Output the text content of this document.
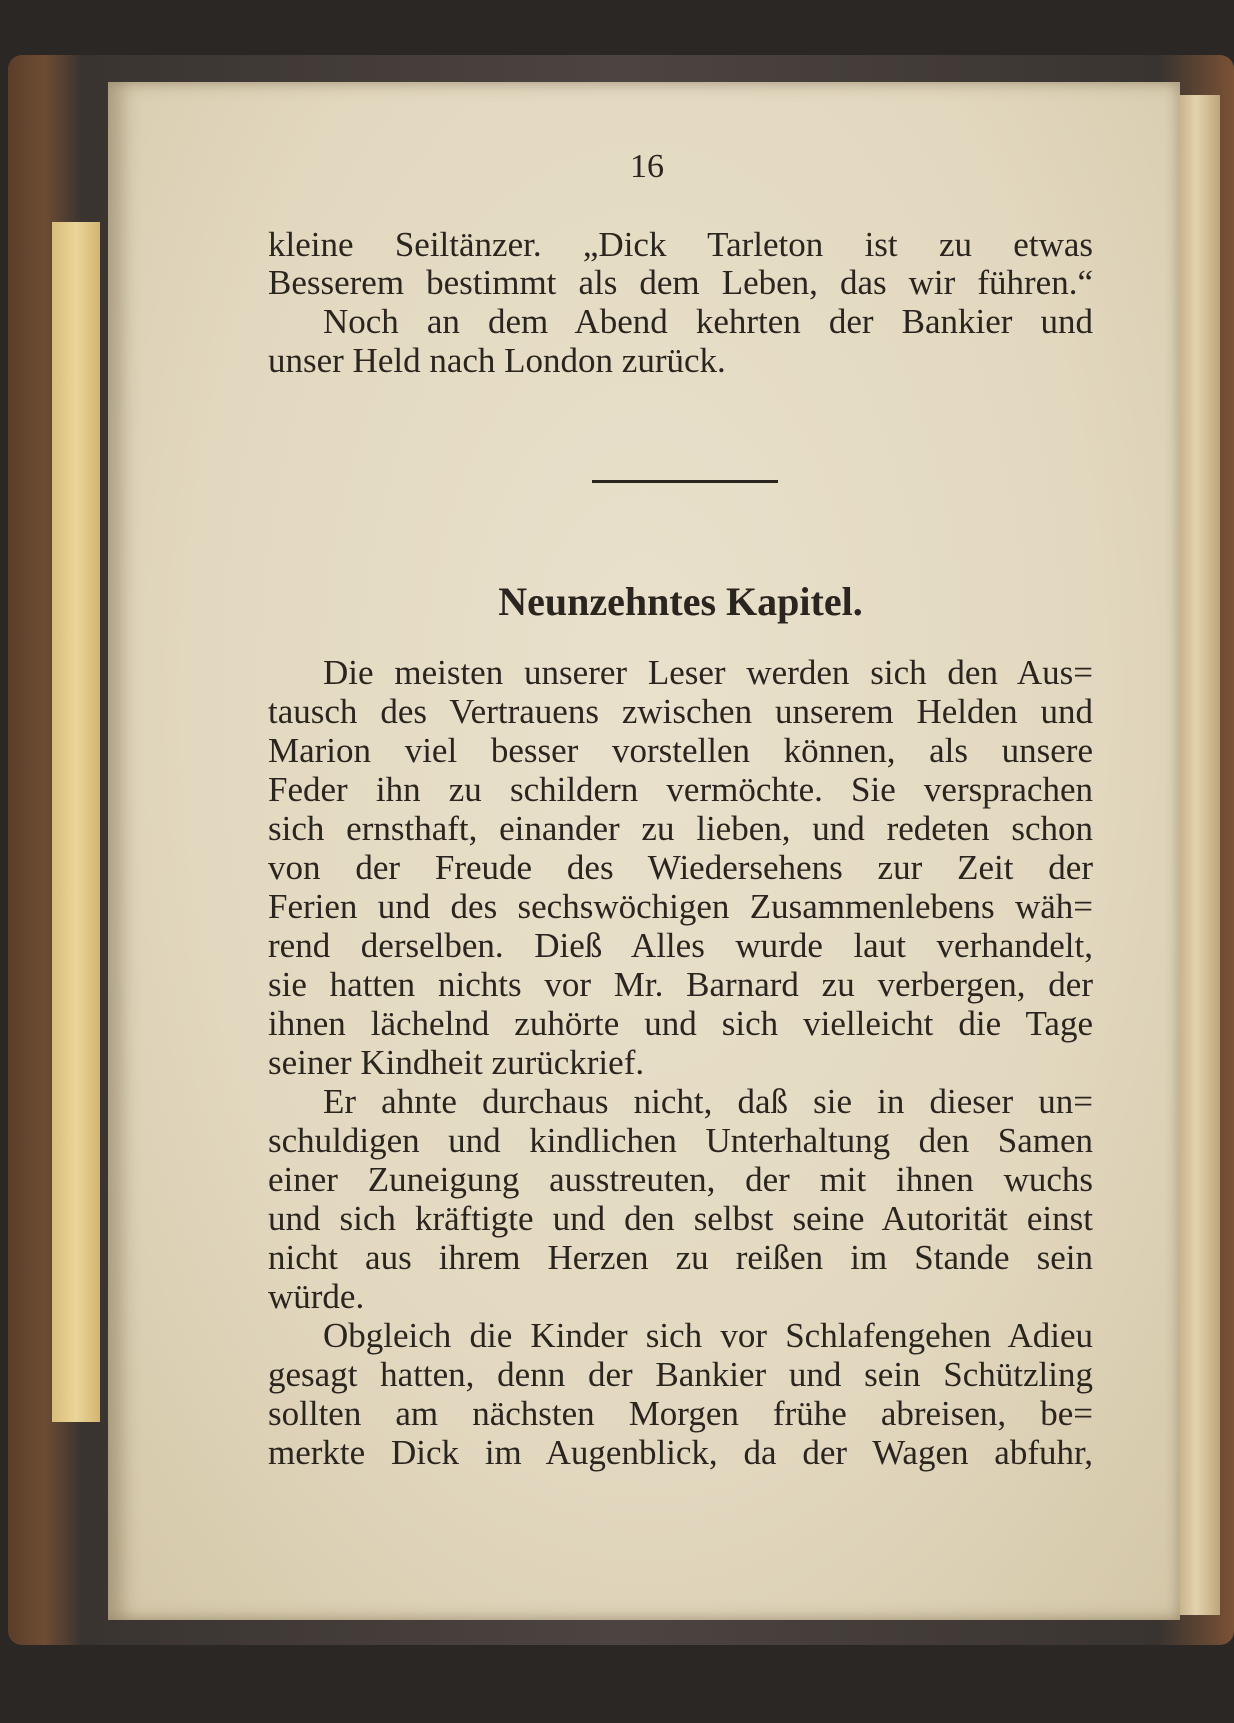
16
kleine Seiltänzer. „Dick Tarleton ist zu etwas
Besserem bestimmt als dem Leben, das wir führen.“
Noch an dem Abend kehrten der Bankier und
unser Held nach London zurück.
Neunzehntes Kapitel.
Die meisten unserer Leser werden sich den Aus=
tausch des Vertrauens zwischen unserem Helden und
Marion viel besser vorstellen können, als unsere
Feder ihn zu schildern vermöchte. Sie versprachen
sich ernsthaft, einander zu lieben, und redeten schon
von der Freude des Wiedersehens zur Zeit der
Ferien und des sechswöchigen Zusammenlebens wäh=
rend derselben. Dieß Alles wurde laut verhandelt,
sie hatten nichts vor Mr. Barnard zu verbergen, der
ihnen lächelnd zuhörte und sich vielleicht die Tage
seiner Kindheit zurückrief.
Er ahnte durchaus nicht, daß sie in dieser un=
schuldigen und kindlichen Unterhaltung den Samen
einer Zuneigung ausstreuten, der mit ihnen wuchs
und sich kräftigte und den selbst seine Autorität einst
nicht aus ihrem Herzen zu reißen im Stande sein
würde.
Obgleich die Kinder sich vor Schlafengehen Adieu
gesagt hatten, denn der Bankier und sein Schützling
sollten am nächsten Morgen frühe abreisen, be=
merkte Dick im Augenblick, da der Wagen abfuhr,
